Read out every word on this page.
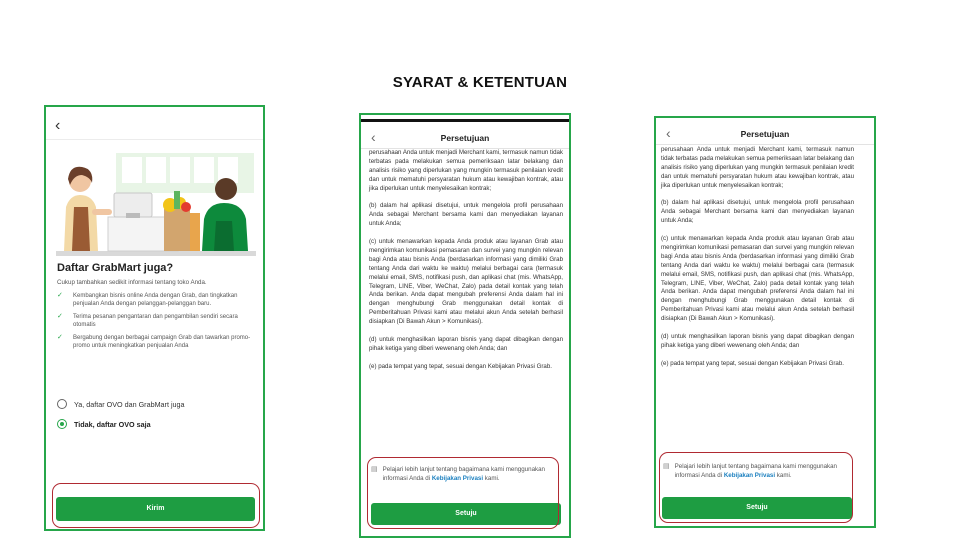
SYARAT & KETENTUAN
‹
Daftar GrabMart juga?
Cukup tambahkan sedikit informasi tentang toko Anda.
✓	Kembangkan bisnis online Anda dengan Grab, dan tingkatkan penjualan Anda dengan pelanggan-pelanggan baru.
✓	Terima pesanan pengantaran dan pengambilan sendiri secara otomatis
✓	Bergabung dengan berbagai campaign Grab dan tawarkan promo-promo untuk meningkatkan penjualan Anda
Ya, daftar OVO dan GrabMart juga
Tidak, daftar OVO saja
Kirim
‹	Persetujuan

perusahaan Anda untuk menjadi Merchant kami, termasuk namun tidak terbatas pada melakukan semua pemeriksaan latar belakang dan analisis risiko yang diperlukan yang mungkin termasuk penilaian kredit dan untuk mematuhi persyaratan hukum atau kewajiban kontrak, atau jika diperlukan untuk menyelesaikan kontrak;

(b) dalam hal aplikasi disetujui, untuk mengelola profil perusahaan Anda sebagai Merchant bersama kami dan menyediakan layanan untuk Anda;

(c) untuk menawarkan kepada Anda produk atau layanan Grab atau mengirimkan komunikasi pemasaran dan survei yang mungkin relevan bagi Anda atau bisnis Anda (berdasarkan informasi yang dimiliki Grab tentang Anda dari waktu ke waktu) melalui berbagai cara (termasuk melalui email, SMS, notifikasi push, dan aplikasi chat (mis. WhatsApp, Telegram, LINE, Viber, WeChat, Zalo) pada detail kontak yang telah Anda berikan. Anda dapat mengubah preferensi Anda dalam hal ini dengan menghubungi Grab menggunakan detail kontak di Pemberitahuan Privasi kami atau melalui akun Anda setelah berhasil disiapkan (Di Bawah Akun > Komunikasi).

(d) untuk menghasilkan laporan bisnis yang dapat dibagikan dengan pihak ketiga yang diberi wewenang oleh Anda; dan

(e) pada tempat yang tepat, sesuai dengan Kebijakan Privasi Grab.

▤ Pelajari lebih lanjut tentang bagaimana kami menggunakan informasi Anda di Kebijakan Privasi kami.
Setuju
‹	Persetujuan

perusahaan Anda untuk menjadi Merchant kami, termasuk namun tidak terbatas pada melakukan semua pemeriksaan latar belakang dan analisis risiko yang diperlukan yang mungkin termasuk penilaian kredit dan untuk mematuhi persyaratan hukum atau kewajiban kontrak, atau jika diperlukan untuk menyelesaikan kontrak;

(b) dalam hal aplikasi disetujui, untuk mengelola profil perusahaan Anda sebagai Merchant bersama kami dan menyediakan layanan untuk Anda;

(c) untuk menawarkan kepada Anda produk atau layanan Grab atau mengirimkan komunikasi pemasaran dan survei yang mungkin relevan bagi Anda atau bisnis Anda (berdasarkan informasi yang dimiliki Grab tentang Anda dari waktu ke waktu) melalui berbagai cara (termasuk melalui email, SMS, notifikasi push, dan aplikasi chat (mis. WhatsApp, Telegram, LINE, Viber, WeChat, Zalo) pada detail kontak yang telah Anda berikan. Anda dapat mengubah preferensi Anda dalam hal ini dengan menghubungi Grab menggunakan detail kontak di Pemberitahuan Privasi kami atau melalui akun Anda setelah berhasil disiapkan (Di Bawah Akun > Komunikasi).

(d) untuk menghasilkan laporan bisnis yang dapat dibagikan dengan pihak ketiga yang diberi wewenang oleh Anda; dan

(e) pada tempat yang tepat, sesuai dengan Kebijakan Privasi Grab.

▤ Pelajari lebih lanjut tentang bagaimana kami menggunakan informasi Anda di Kebijakan Privasi kami.
Setuju
